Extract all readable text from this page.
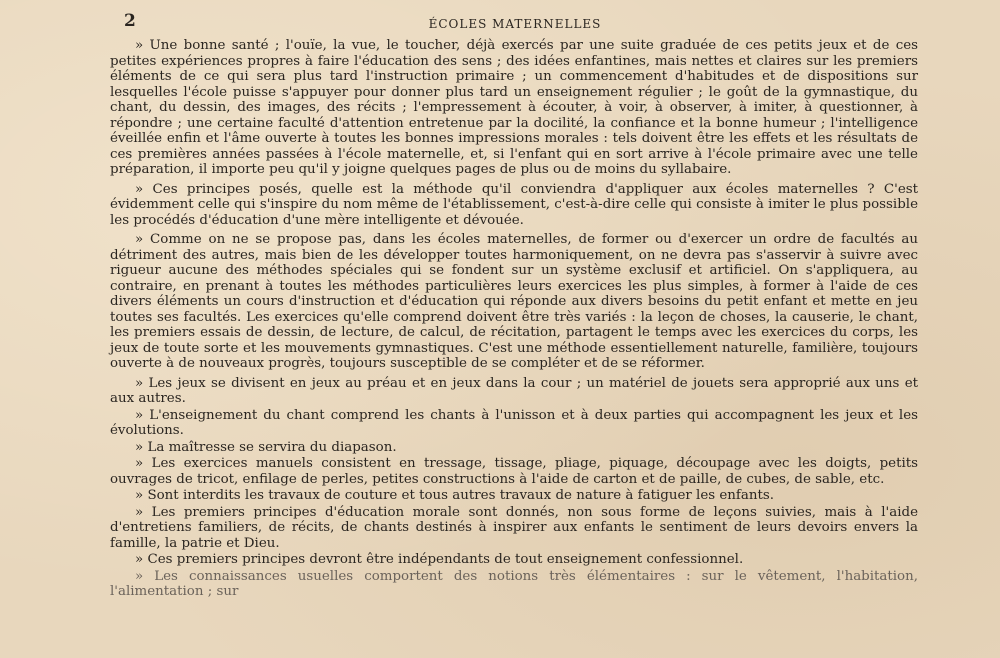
2	ÉCOLES MATERNELLES

» Une bonne santé ; l'ouïe, la vue, le toucher, déjà exercés par une suite graduée de ces petits jeux et de ces petites expériences propres à faire l'éducation des sens ; des idées enfantines, mais nettes et claires sur les premiers éléments de ce qui sera plus tard l'instruction primaire ; un commencement d'habitudes et de dispositions sur lesquelles l'école puisse s'appuyer pour donner plus tard un enseignement régulier ; le goût de la gymnastique, du chant, du dessin, des images, des récits ; l'empressement à écouter, à voir, à observer, à imiter, à questionner, à répondre ; une certaine faculté d'attention entretenue par la docilité, la confiance et la bonne humeur ; l'intelligence éveillée enfin et l'âme ouverte à toutes les bonnes impressions morales : tels doivent être les effets et les résultats de ces premières années passées à l'école maternelle, et, si l'enfant qui en sort arrive à l'école primaire avec une telle préparation, il importe peu qu'il y joigne quelques pages de plus ou de moins du syllabaire.

» Ces principes posés, quelle est la méthode qu'il conviendra d'appliquer aux écoles maternelles ? C'est évidemment celle qui s'inspire du nom même de l'établissement, c'est-à-dire celle qui consiste à imiter le plus possible les procédés d'éducation d'une mère intelligente et dévouée.

» Comme on ne se propose pas, dans les écoles maternelles, de former ou d'exercer un ordre de facultés au détriment des autres, mais bien de les développer toutes harmoniquement, on ne devra pas s'asservir à suivre avec rigueur aucune des méthodes spéciales qui se fondent sur un système exclusif et artificiel. On s'appliquera, au contraire, en prenant à toutes les méthodes particulières leurs exercices les plus simples, à former à l'aide de ces divers éléments un cours d'instruction et d'éducation qui réponde aux divers besoins du petit enfant et mette en jeu toutes ses facultés. Les exercices qu'elle comprend doivent être très variés : la leçon de choses, la causerie, le chant, les premiers essais de dessin, de lecture, de calcul, de récitation, partagent le temps avec les exercices du corps, les jeux de toute sorte et les mouvements gymnastiques. C'est une méthode essentiellement naturelle, familière, toujours ouverte à de nouveaux progrès, toujours susceptible de se compléter et de se réformer.

» Les jeux se divisent en jeux au préau et en jeux dans la cour ; un matériel de jouets sera approprié aux uns et aux autres.

» L'enseignement du chant comprend les chants à l'unisson et à deux parties qui accompagnent les jeux et les évolutions.

» La maîtresse se servira du diapason.

» Les exercices manuels consistent en tressage, tissage, pliage, piquage, découpage avec les doigts, petits ouvrages de tricot, enfilage de perles, petites constructions à l'aide de carton et de paille, de cubes, de sable, etc.

» Sont interdits les travaux de couture et tous autres travaux de nature à fatiguer les enfants.

» Les premiers principes d'éducation morale sont donnés, non sous forme de leçons suivies, mais à l'aide d'entretiens familiers, de récits, de chants destinés à inspirer aux enfants le sentiment de leurs devoirs envers la famille, la patrie et Dieu.

» Ces premiers principes devront être indépendants de tout enseignement confessionnel.

» Les connaissances usuelles comportent des notions très élémentaires : sur le vêtement, l'habitation, l'alimentation ; sur
